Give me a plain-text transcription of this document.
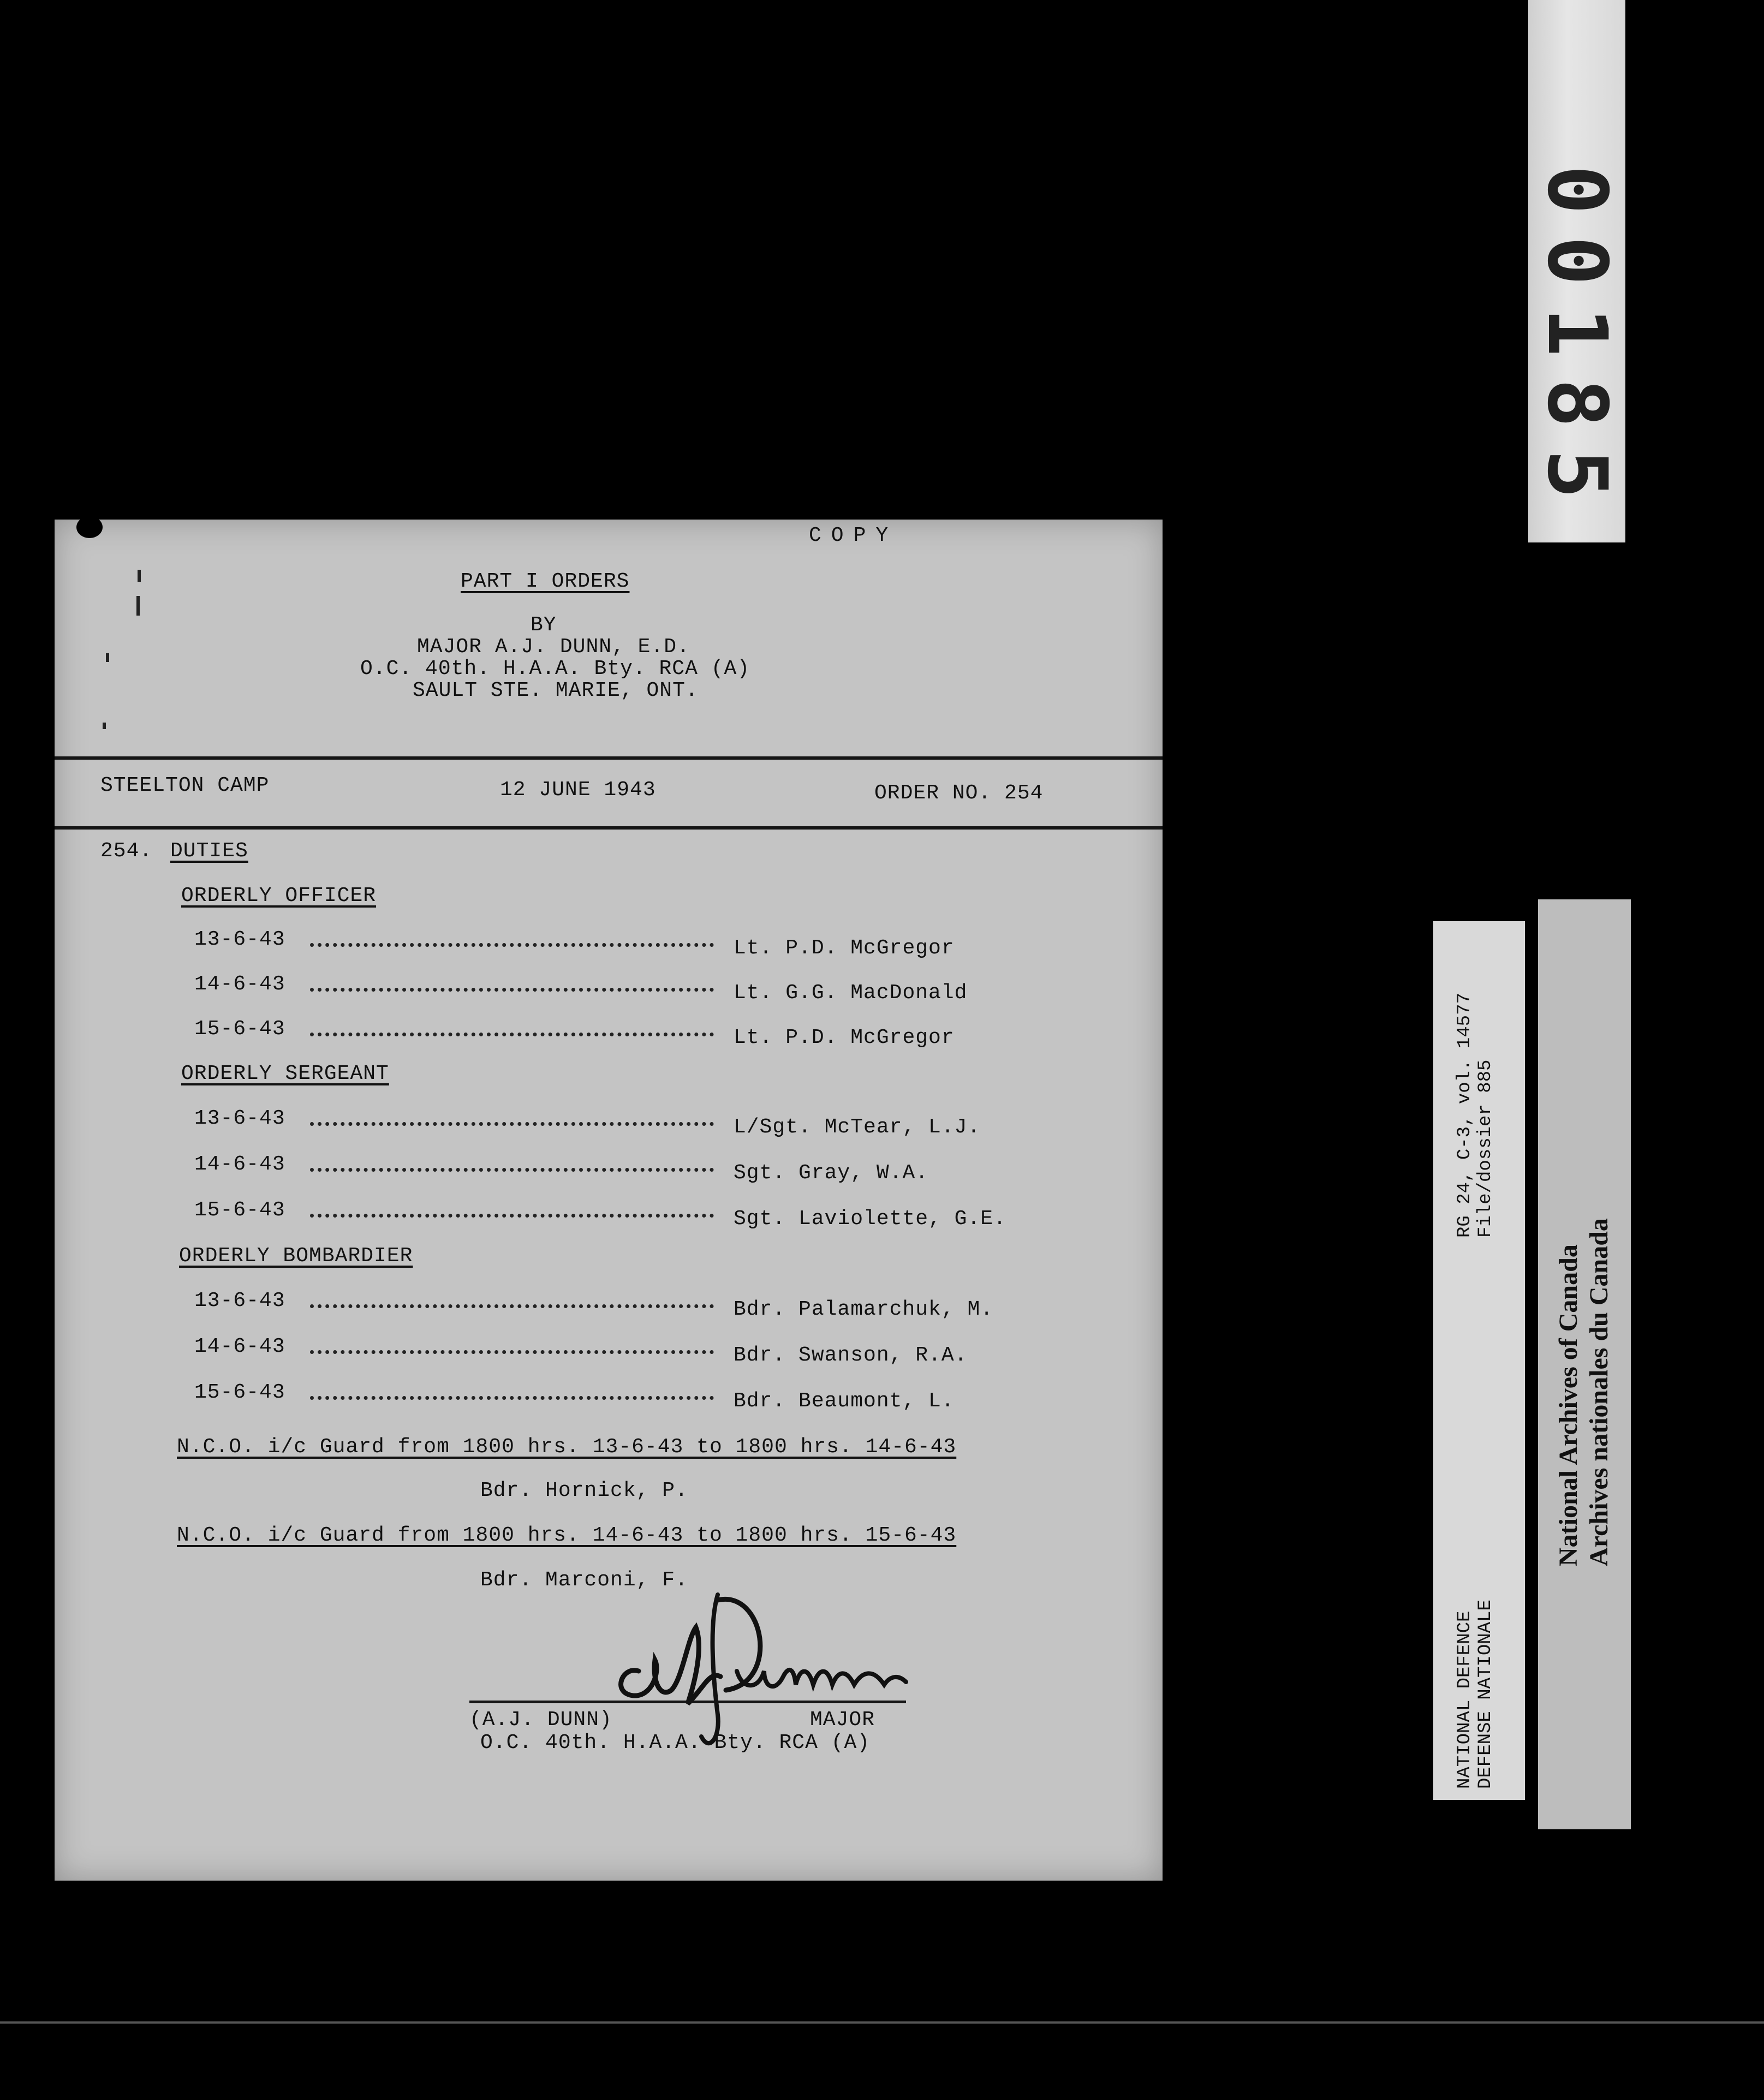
00185
COPY
PART I ORDERS
BY
MAJOR A.J. DUNN, E.D.
O.C. 40th. H.A.A. Bty. RCA (A)
SAULT STE. MARIE, ONT.
STEELTON CAMP	12 JUNE 1943	ORDER NO. 254
254. DUTIES
ORDERLY OFFICER
13-6-43	Lt. P.D. McGregor
14-6-43	Lt. G.G. MacDonald
15-6-43	Lt. P.D. McGregor
ORDERLY SERGEANT
13-6-43	L/Sgt. McTear, L.J.
14-6-43	Sgt. Gray, W.A.
15-6-43	Sgt. Laviolette, G.E.
ORDERLY BOMBARDIER
13-6-43	Bdr. Palamarchuk, M.
14-6-43	Bdr. Swanson, R.A.
15-6-43	Bdr. Beaumont, L.
N.C.O. i/c Guard from 1800 hrs. 13-6-43 to 1800 hrs. 14-6-43
Bdr. Hornick, P.
N.C.O. i/c Guard from 1800 hrs. 14-6-43 to 1800 hrs. 15-6-43
Bdr. Marconi, F.
(A.J. DUNN)	MAJOR
O.C. 40th. H.A.A. Bty. RCA (A)
RG 24, C-3, vol. 14577 File/dossier 885
NATIONAL DEFENCE DEFENSE NATIONALE
National Archives of Canada Archives nationales du Canada
